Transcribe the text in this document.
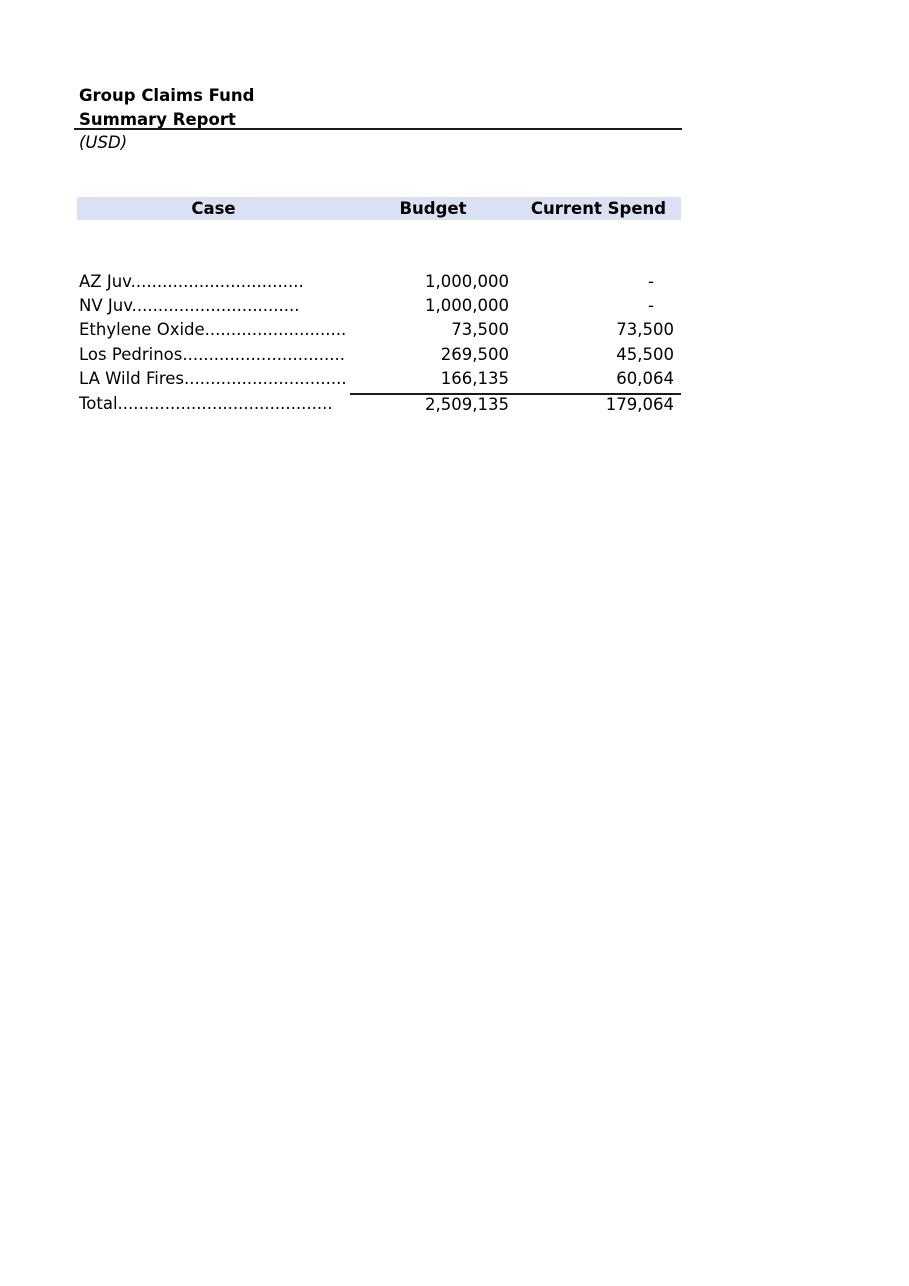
Group Claims Fund
Summary Report
(USD)
Case	Budget	Current Spend
AZ Juv.................................	1,000,000	-
NV Juv................................	1,000,000	-
Ethylene Oxide...........................	73,500	73,500
Los Pedrinos...............................	269,500	45,500
LA Wild Fires...............................	166,135	60,064
Total.........................................	2,509,135	179,064
